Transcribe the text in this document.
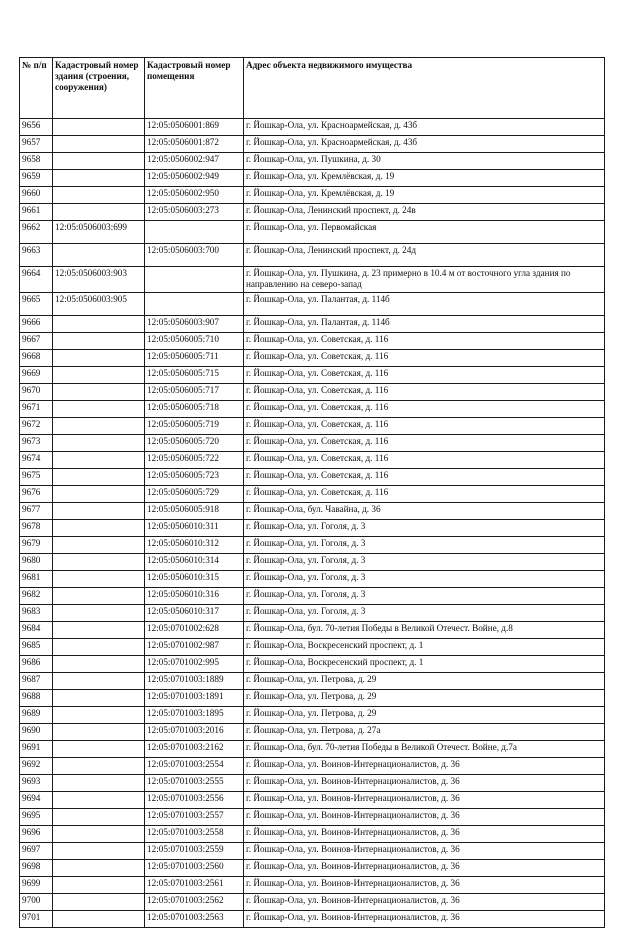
№ п/п	Кадастровый номер здания (строения, сооружения)	Кадастровый номер помещения	Адрес объекта недвижимого имущества
9656		12:05:0506001:869	г. Йошкар-Ола, ул. Красноармейская, д. 43б
9657		12:05:0506001:872	г. Йошкар-Ола, ул. Красноармейская, д. 43б
9658		12:05:0506002:947	г. Йошкар-Ола, ул. Пушкина, д. 30
9659		12:05:0506002:949	г. Йошкар-Ола, ул. Кремлёвская, д. 19
9660		12:05:0506002:950	г. Йошкар-Ола, ул. Кремлёвская, д. 19
9661		12:05:0506003:273	г. Йошкар-Ола, Ленинский проспект, д. 24в
9662	12:05:0506003:699		г. Йошкар-Ола, ул. Первомайская
9663		12:05:0506003:700	г. Йошкар-Ола, Ленинский проспект, д. 24д
9664	12:05:0506003:903		г. Йошкар-Ола, ул. Пушкина, д. 23 примерно в 10.4 м от восточного угла здания по направлению на северо-запад
9665	12:05:0506003:905		г. Йошкар-Ола, ул. Палантая, д. 114б
9666		12:05:0506003:907	г. Йошкар-Ола, ул. Палантая, д. 114б
9667		12:05:0506005:710	г. Йошкар-Ола, ул. Советская, д. 116
9668		12:05:0506005:711	г. Йошкар-Ола, ул. Советская, д. 116
9669		12:05:0506005:715	г. Йошкар-Ола, ул. Советская, д. 116
9670		12:05:0506005:717	г. Йошкар-Ола, ул. Советская, д. 116
9671		12:05:0506005:718	г. Йошкар-Ола, ул. Советская, д. 116
9672		12:05:0506005:719	г. Йошкар-Ола, ул. Советская, д. 116
9673		12:05:0506005:720	г. Йошкар-Ола, ул. Советская, д. 116
9674		12:05:0506005:722	г. Йошкар-Ола, ул. Советская, д. 116
9675		12:05:0506005:723	г. Йошкар-Ола, ул. Советская, д. 116
9676		12:05:0506005:729	г. Йошкар-Ола, ул. Советская, д. 116
9677		12:05:0506005:918	г. Йошкар-Ола, бул. Чавайна, д. 36
9678		12:05:0506010:311	г. Йошкар-Ола, ул. Гоголя, д. 3
9679		12:05:0506010:312	г. Йошкар-Ола, ул. Гоголя, д. 3
9680		12:05:0506010:314	г. Йошкар-Ола, ул. Гоголя, д. 3
9681		12:05:0506010:315	г. Йошкар-Ола, ул. Гоголя, д. 3
9682		12:05:0506010:316	г. Йошкар-Ола, ул. Гоголя, д. 3
9683		12:05:0506010:317	г. Йошкар-Ола, ул. Гоголя, д. 3
9684		12:05:0701002:628	г. Йошкар-Ола, бул. 70-летия Победы в Великой Отечест. Войне, д.8
9685		12:05:0701002:987	г. Йошкар-Ола, Воскресенский проспект, д. 1
9686		12:05:0701002:995	г. Йошкар-Ола, Воскресенский проспект, д. 1
9687		12:05:0701003:1889	г. Йошкар-Ола, ул. Петрова, д. 29
9688		12:05:0701003:1891	г. Йошкар-Ола, ул. Петрова, д. 29
9689		12:05:0701003:1895	г. Йошкар-Ола, ул. Петрова, д. 29
9690		12:05:0701003:2016	г. Йошкар-Ола, ул. Петрова, д. 27а
9691		12:05:0701003:2162	г. Йошкар-Ола, бул. 70-летия Победы в Великой Отечест. Войне, д.7а
9692		12:05:0701003:2554	г. Йошкар-Ола, ул. Воинов-Интернационалистов, д. 36
9693		12:05:0701003:2555	г. Йошкар-Ола, ул. Воинов-Интернационалистов, д. 36
9694		12:05:0701003:2556	г. Йошкар-Ола, ул. Воинов-Интернационалистов, д. 36
9695		12:05:0701003:2557	г. Йошкар-Ола, ул. Воинов-Интернационалистов, д. 36
9696		12:05:0701003:2558	г. Йошкар-Ола, ул. Воинов-Интернационалистов, д. 36
9697		12:05:0701003:2559	г. Йошкар-Ола, ул. Воинов-Интернационалистов, д. 36
9698		12:05:0701003:2560	г. Йошкар-Ола, ул. Воинов-Интернационалистов, д. 36
9699		12:05:0701003:2561	г. Йошкар-Ола, ул. Воинов-Интернационалистов, д. 36
9700		12:05:0701003:2562	г. Йошкар-Ола, ул. Воинов-Интернационалистов, д. 36
9701		12:05:0701003:2563	г. Йошкар-Ола, ул. Воинов-Интернационалистов, д. 36
